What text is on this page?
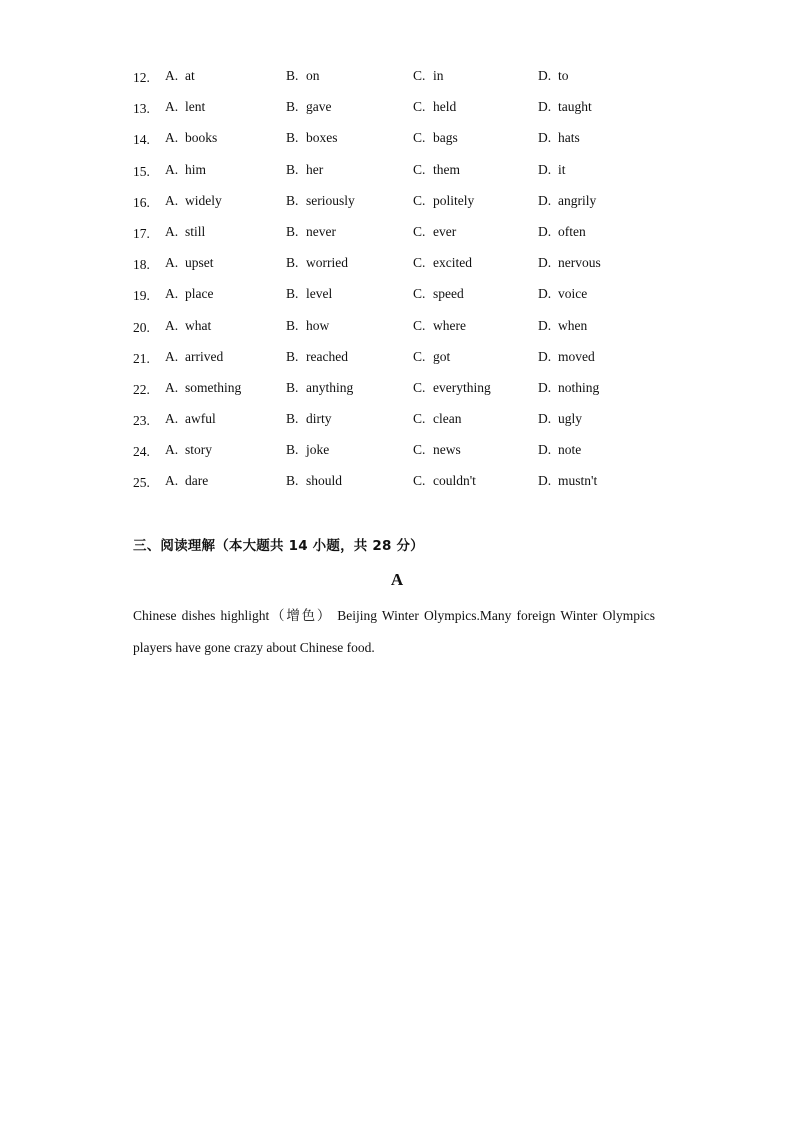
12. A. at	B. on	C. in	D. to
13. A. lent	B. gave	C. held	D. taught
14. A. books	B. boxes	C. bags	D. hats
15. A. him	B. her	C. them	D. it
16. A. widely	B. seriously	C. politely	D. angrily
17. A. still	B. never	C. ever	D. often
18. A. upset	B. worried	C. excited	D. nervous
19. A. place	B. level	C. speed	D. voice
20. A. what	B. how	C. where	D. when
21. A. arrived	B. reached	C. got	D. moved
22. A. something	B. anything	C. everything	D. nothing
23. A. awful	B. dirty	C. clean	D. ugly
24. A. story	B. joke	C. news	D. note
25. A. dare	B. should	C. couldn't	D. mustn't
三、阅读理解（本大题共 14 小题，共 28 分）
A
Chinese dishes highlight（增色） Beijing Winter Olympics.Many foreign Winter Olympics players have gone crazy about Chinese food.
